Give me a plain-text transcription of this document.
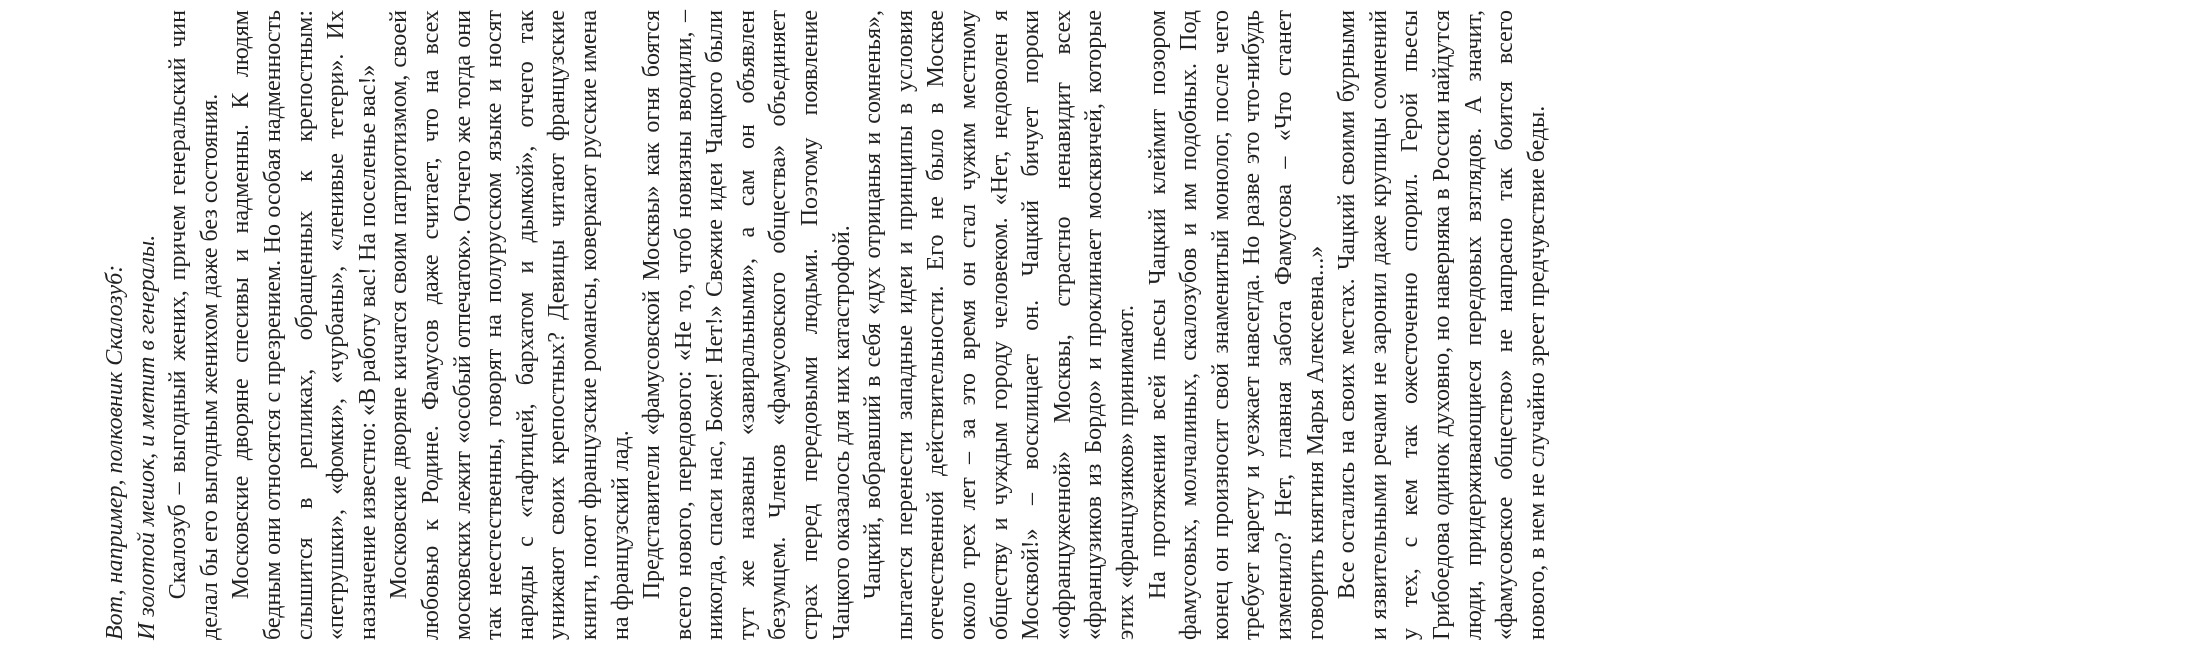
Вот, например, полковник Скалозуб: И золотой мешок, и метит в генералы. Скалозуб – выгодный жених, причем генеральский чин делал бы его выгодным женихом даже без состояния. Московские дворяне спесивы и надменны. К людям бедным они относятся с презрением. Но особая надменность слышится в репликах, обращенных к крепостным: «петрушки», «фомки», «чурбаны», «ленивые тетери». Их назначение известно: «В работу вас! На поселенье вас!» Московские дворяне кичатся своим патриотизмом, своей любовью к Родине. Фамусов даже считает, что на всех московских лежит «особый отпечаток». Отчего же тогда они так неестественны, говорят на полурусском языке и носят наряды с «тафтицей, бархатом и дымкой», отчего так унижают своих крепостных? Девицы читают французские книги, поют французские романсы, коверкают русские имена на французский лад. Представители «фамусовской Москвы» как огня боятся всего нового, передового: «Не то, чтоб новизны вводили, – никогда, спаси нас, Боже! Нет!» Свежие идеи Чацкого были тут же названы «завиральными», а сам он объявлен безумцем. Членов «фамусовского общества» объединяет страх перед передовыми людьми. Поэтому появление Чацкого оказалось для них катастрофой. Чацкий, вобравший в себя «дух отрицанья и сомненья», пытается перенести западные идеи и принципы в условия отечественной действительности. Его не было в Москве около трех лет – за это время он стал чужим местному обществу и чуждым городу человеком. «Нет, недоволен я Москвой!» – восклицает он. Чацкий бичует пороки «офранцуженной» Москвы, страстно ненавидит всех «французиков из Бордо» и проклинает москвичей, которые этих «французиков» принимают. На протяжении всей пьесы Чацкий клеймит позором фамусовых, молчалиных, скалозубов и им подобных. Под конец он произносит свой знаменитый монолог, после чего требует карету и уезжает навсегда. Но разве это что-нибудь изменило? Нет, главная забота Фамусова – «Что станет говорить княгиня Марья Алексевна...» Все остались на своих местах. Чацкий своими бурными и язвительными речами не заронил даже крупицы сомнений у тех, с кем так ожесточенно спорил. Герой пьесы Грибоедова одинок духовно, но наверняка в России найдутся люди, придерживающиеся передовых взглядов. А значит, «фамусовское общество» не напрасно так боится всего нового, в нем не случайно зреет предчувствие беды.
